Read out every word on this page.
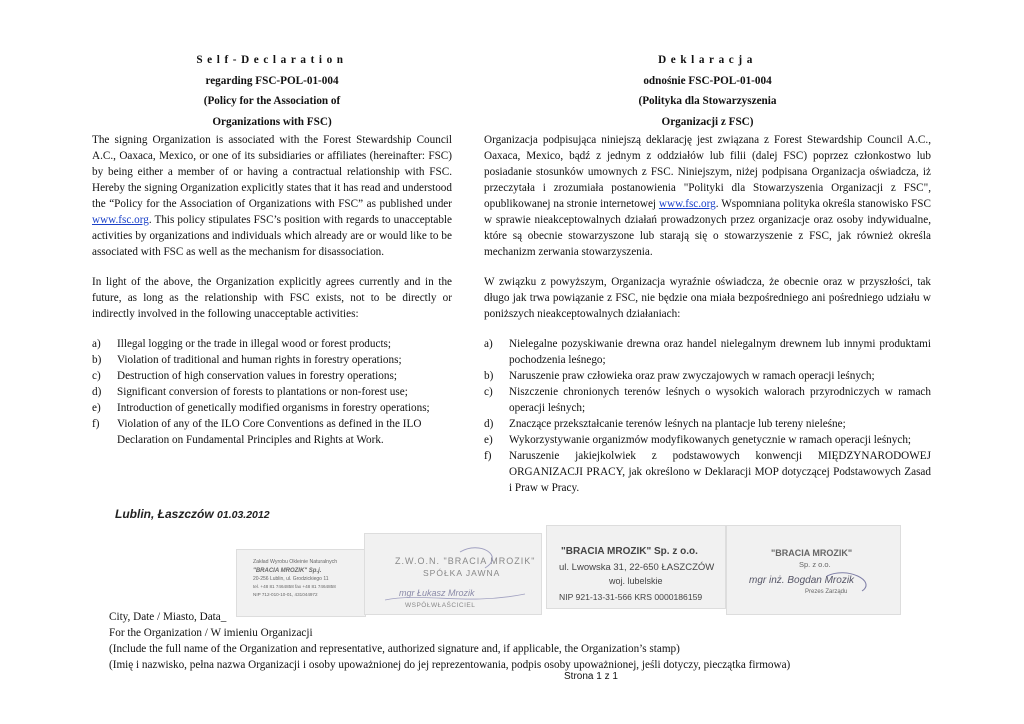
Self-Declaration
regarding FSC-POL-01-004
(Policy for the Association of
Organizations with FSC)

The signing Organization is associated with the Forest Stewardship Council A.C., Oaxaca, Mexico, or one of its subsidiaries or affiliates (hereinafter: FSC) by being either a member of or having a contractual relationship with FSC. Hereby the signing Organization explicitly states that it has read and understood the “Policy for the Association of Organizations with FSC” as published under www.fsc.org. This policy stipulates FSC’s position with regards to unacceptable activities by organizations and individuals which already are or would like to be associated with FSC as well as the mechanism for disassociation.

In light of the above, the Organization explicitly agrees currently and in the future, as long as the relationship with FSC exists, not to be directly or indirectly involved in the following unacceptable activities:

a)	Illegal logging or the trade in illegal wood or forest products;
b)	Violation of traditional and human rights in forestry operations;
c)	Destruction of high conservation values in forestry operations;
d)	Significant conversion of forests to plantations or non-forest use;
e)	Introduction of genetically modified organisms in forestry operations;
f)	Violation of any of the ILO Core Conventions as defined in the ILO Declaration on Fundamental Principles and Rights at Work.
Deklaracja
odnośnie FSC-POL-01-004
(Polityka dla Stowarzyszenia
Organizacji z FSC)

Organizacja podpisująca niniejszą deklarację jest związana z Forest Stewardship Council A.C., Oaxaca, Mexico, bądź z jednym z oddziałów lub filii (dalej FSC) poprzez członkostwo lub posiadanie stosunków umownych z FSC. Niniejszym, niżej podpisana Organizacja oświadcza, iż przeczytała i zrozumiała postanowienia "Polityki dla Stowarzyszenia Organizacji z FSC", opublikowanej na stronie internetowej www.fsc.org. Wspomniana polityka określa stanowisko FSC w sprawie nieakceptowalnych działań prowadzonych przez organizacje oraz osoby indywidualne, które są obecnie stowarzyszone lub starają się o stowarzyszenie z FSC, jak również określa mechanizm zerwania stowarzyszenia.

W związku z powyższym, Organizacja wyraźnie oświadcza, że obecnie oraz w przyszłości, tak długo jak trwa powiązanie z FSC, nie będzie ona miała bezpośredniego ani pośredniego udziału w poniższych nieakceptowalnych działaniach:

a)	Nielegalne pozyskiwanie drewna oraz handel nielegalnym drewnem lub innymi produktami pochodzenia leśnego;
b)	Naruszenie praw człowieka oraz praw zwyczajowych w ramach operacji leśnych;
c)	Niszczenie chronionych terenów leśnych o wysokich walorach przyrodniczych w ramach operacji leśnych;
d)	Znaczące przekształcanie terenów leśnych na plantacje lub tereny nieleśne;
e)	Wykorzystywanie organizmów modyfikowanych genetycznie w ramach operacji leśnych;
f)	Naruszenie jakiejkolwiek z podstawowych konwencji MIĘDZYNARODOWEJ ORGANIZACJI PRACY, jak określono w Deklaracji MOP dotyczącej Podstawowych Zasad i Praw w Pracy.
Lublin, Łaszczów 01.03.2012
Zakład Wyrobu Okleinie Naturalnych
"BRACIA MROZIK" Sp.j.
20-256 Lublin, ul. Grodzickiego 11
tel. +48 81 7464858 fax +48 81 7464858
NIP 712-010-10-01, 431044972
Z.W.O.N. "BRACIA MROZIK"
SPÓŁKA JAWNA
mgr Łukasz Mrozik
WSPÓŁWŁAŚCICIEL
"BRACIA MROZIK" Sp. z o.o.
ul. Lwowska 31, 22-650 ŁASZCZÓW
woj. lubelskie
NIP 921-13-31-566 KRS 0000186159
"BRACIA MROZIK"
Sp. z o.o.
mgr inż. Bogdan Mrozik
Prezes Zarządu
City, Date / Miasto, Data_
For the Organization / W imieniu Organizacji
(Include the full name of the Organization and representative, authorized signature and, if applicable, the Organization’s stamp)
(Imię i nazwisko, pełna nazwa Organizacji i osoby upoważnionej do jej reprezentowania, podpis osoby upoważnionej, jeśli dotyczy, pieczątka firmowa)
Strona 1 z 1
